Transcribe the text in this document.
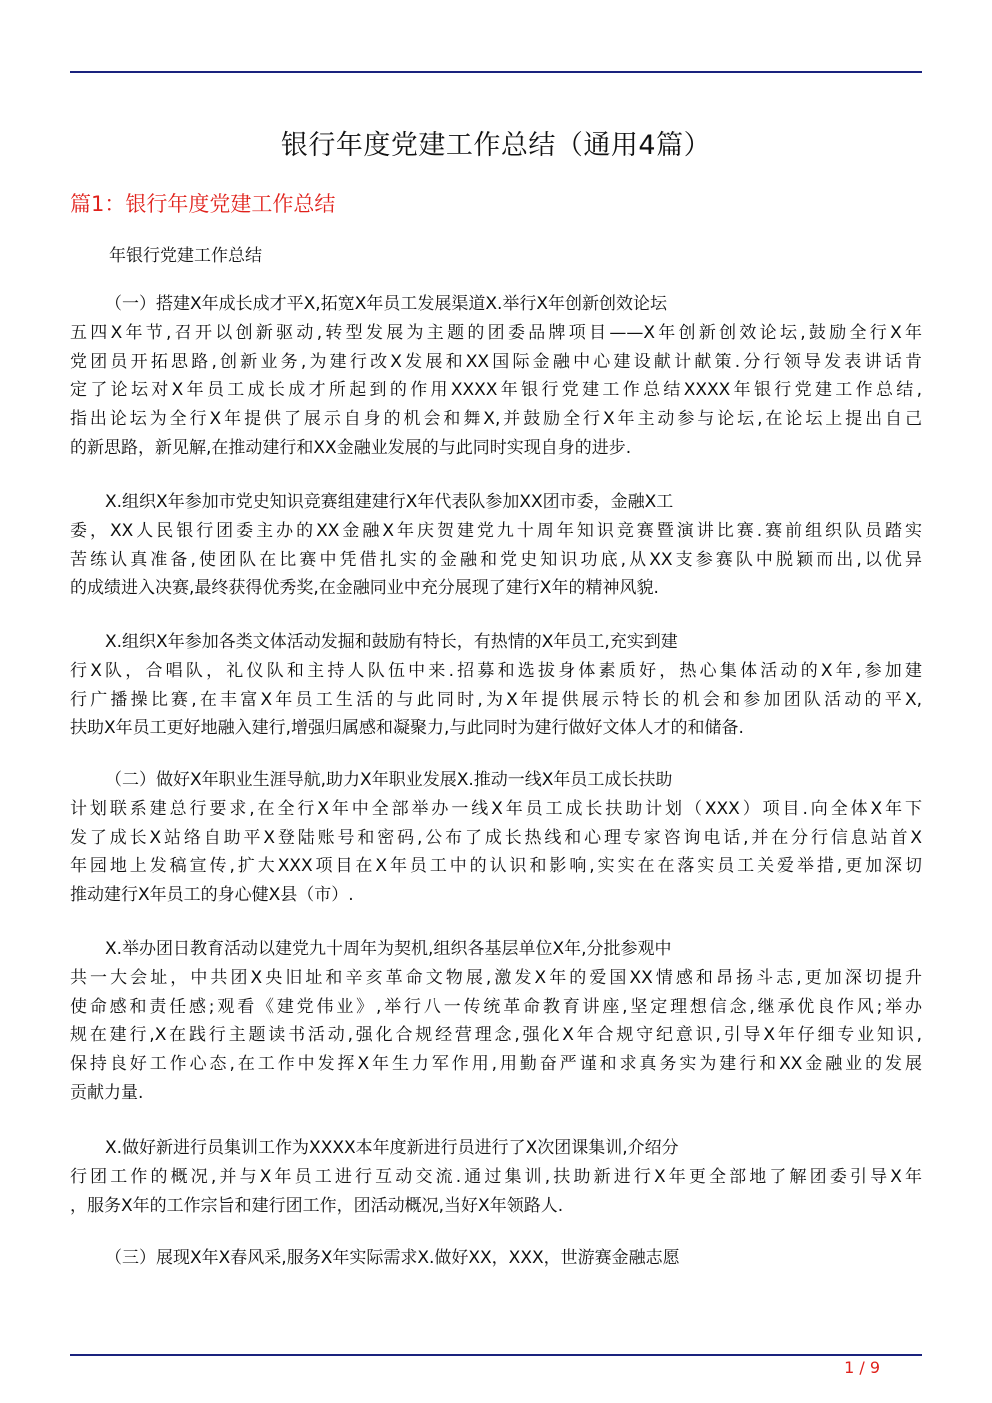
银行年度党建工作总结（通用4篇）
篇1：银行年度党建工作总结
年银行党建工作总结

（一）搭建X年成长成才平X,拓宽X年员工发展渠道X.举行X年创新创效论坛
五四X年节,召开以创新驱动,转型发展为主题的团委品牌项目——X年创新创效论坛,鼓励全行X年
党团员开拓思路,创新业务,为建行改X发展和XX国际金融中心建设献计献策.分行领导发表讲话肯
定了论坛对X年员工成长成才所起到的作用XXXX年银行党建工作总结XXXX年银行党建工作总结,
指出论坛为全行X年提供了展示自身的机会和舞X,并鼓励全行X年主动参与论坛,在论坛上提出自己
的新思路，新见解,在推动建行和XX金融业发展的与此同时实现自身的进步.

X.组织X年参加市党史知识竞赛组建建行X年代表队参加XX团市委，金融X工
委，XX人民银行团委主办的XX金融X年庆贺建党九十周年知识竞赛暨演讲比赛.赛前组织队员踏实
苦练认真准备,使团队在比赛中凭借扎实的金融和党史知识功底,从XX支参赛队中脱颖而出,以优异
的成绩进入决赛,最终获得优秀奖,在金融同业中充分展现了建行X年的精神风貌.

X.组织X年参加各类文体活动发掘和鼓励有特长，有热情的X年员工,充实到建
行X队，合唱队，礼仪队和主持人队伍中来.招募和选拔身体素质好，热心集体活动的X年,参加建
行广播操比赛,在丰富X年员工生活的与此同时,为X年提供展示特长的机会和参加团队活动的平X,
扶助X年员工更好地融入建行,增强归属感和凝聚力,与此同时为建行做好文体人才的和储备.

（二）做好X年职业生涯导航,助力X年职业发展X.推动一线X年员工成长扶助
计划联系建总行要求,在全行X年中全部举办一线X年员工成长扶助计划（XXX）项目.向全体X年下
发了成长X站络自助平X登陆账号和密码,公布了成长热线和心理专家咨询电话,并在分行信息站首X
年园地上发稿宣传,扩大XXX项目在X年员工中的认识和影响,实实在在落实员工关爱举措,更加深切
推动建行X年员工的身心健X县（市）.

X.举办团日教育活动以建党九十周年为契机,组织各基层单位X年,分批参观中
共一大会址，中共团X央旧址和辛亥革命文物展,激发X年的爱国XX情感和昂扬斗志,更加深切提升
使命感和责任感;观看《建党伟业》,举行八一传统革命教育讲座,坚定理想信念,继承优良作风;举办
规在建行,X在践行主题读书活动,强化合规经营理念,强化X年合规守纪意识,引导X年仔细专业知识,
保持良好工作心态,在工作中发挥X年生力军作用,用勤奋严谨和求真务实为建行和XX金融业的发展
贡献力量.

X.做好新进行员集训工作为XXXX本年度新进行员进行了X次团课集训,介绍分
行团工作的概况,并与X年员工进行互动交流.通过集训,扶助新进行X年更全部地了解团委引导X年
，服务X年的工作宗旨和建行团工作，团活动概况,当好X年领路人.

（三）展现X年X春风采,服务X年实际需求X.做好XX，XXX，世游赛金融志愿

1 / 9
